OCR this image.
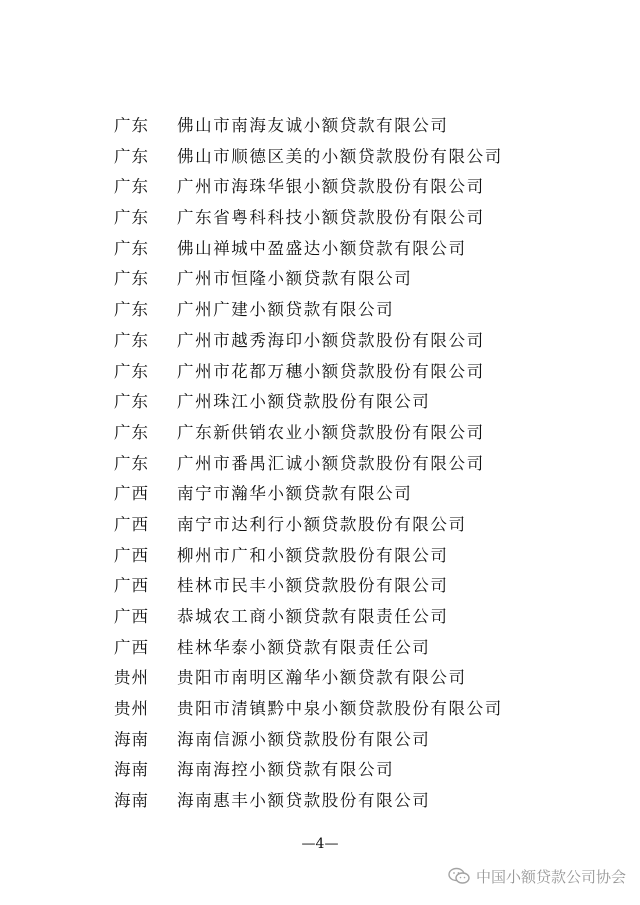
广东 佛山市南海友诚小额贷款有限公司
广东 佛山市顺德区美的小额贷款股份有限公司
广东 广州市海珠华银小额贷款股份有限公司
广东 广东省粤科科技小额贷款股份有限公司
广东 佛山禅城中盈盛达小额贷款有限公司
广东 广州市恒隆小额贷款有限公司
广东 广州广建小额贷款有限公司
广东 广州市越秀海印小额贷款股份有限公司
广东 广州市花都万穗小额贷款股份有限公司
广东 广州珠江小额贷款股份有限公司
广东 广东新供销农业小额贷款股份有限公司
广东 广州市番禺汇诚小额贷款股份有限公司
广西 南宁市瀚华小额贷款有限公司
广西 南宁市达利行小额贷款股份有限公司
广西 柳州市广和小额贷款股份有限公司
广西 桂林市民丰小额贷款股份有限公司
广西 恭城农工商小额贷款有限责任公司
广西 桂林华泰小额贷款有限责任公司
贵州 贵阳市南明区瀚华小额贷款有限公司
贵州 贵阳市清镇黔中泉小额贷款股份有限公司
海南 海南信源小额贷款股份有限公司
海南 海南海控小额贷款有限公司
海南 海南惠丰小额贷款股份有限公司
—4—
中国小额贷款公司协会
